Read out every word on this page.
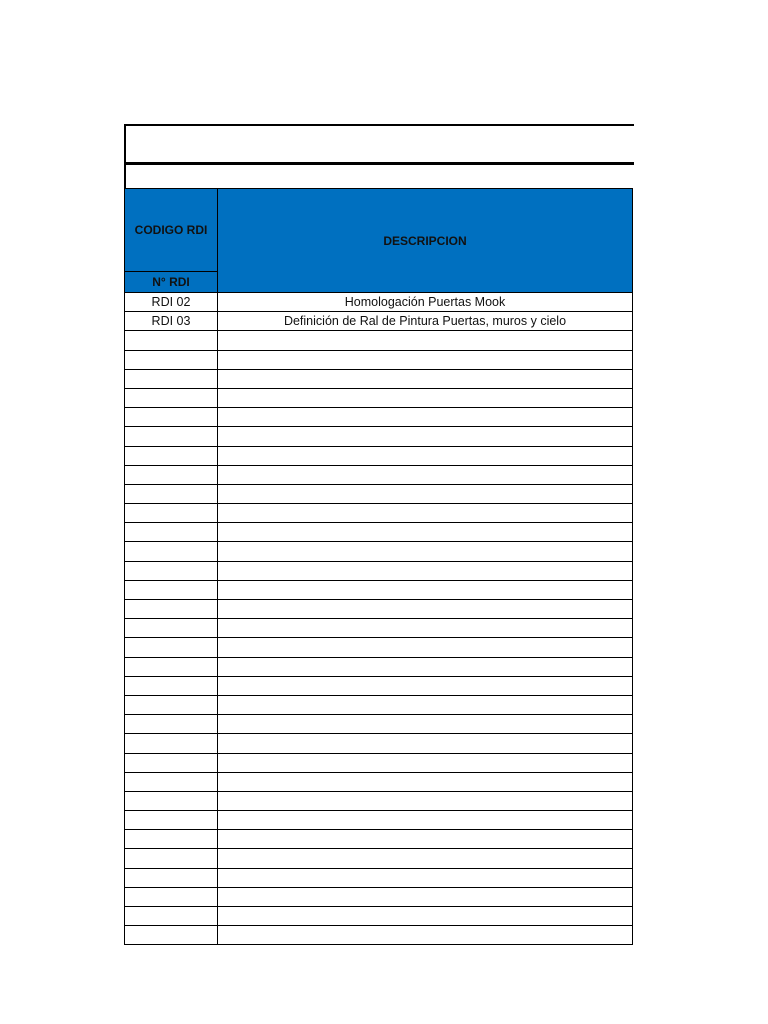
CODIGO RDI	DESCRIPCION
N° RDI	
RDI 02	Homologación Puertas Mook
RDI 03	Definición de Ral de Pintura Puertas, muros y cielo
